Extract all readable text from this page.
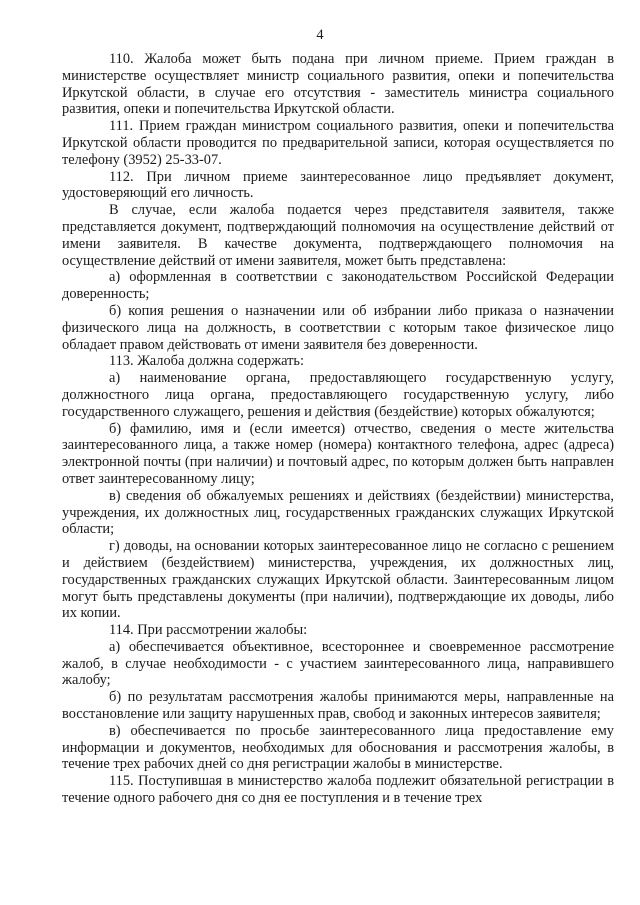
4

110. Жалоба может быть подана при личном приеме. Прием граждан в министерстве осуществляет министр социального развития, опеки и попечительства Иркутской области, в случае его отсутствия - заместитель министра социального развития, опеки и попечительства Иркутской области.

111. Прием граждан министром социального развития, опеки и попечительства Иркутской области проводится по предварительной записи, которая осуществляется по телефону (3952) 25-33-07.

112. При личном приеме заинтересованное лицо предъявляет документ, удостоверяющий его личность.

В случае, если жалоба подается через представителя заявителя, также представляется документ, подтверждающий полномочия на осуществление действий от имени заявителя. В качестве документа, подтверждающего полномочия на осуществление действий от имени заявителя, может быть представлена:

а) оформленная в соответствии с законодательством Российской Федерации доверенность;

б) копия решения о назначении или об избрании либо приказа о назначении физического лица на должность, в соответствии с которым такое физическое лицо обладает правом действовать от имени заявителя без доверенности.

113. Жалоба должна содержать:

а) наименование органа, предоставляющего государственную услугу, должностного лица органа, предоставляющего государственную услугу, либо государственного служащего, решения и действия (бездействие) которых обжалуются;

б) фамилию, имя и (если имеется) отчество, сведения о месте жительства заинтересованного лица, а также номер (номера) контактного телефона, адрес (адреса) электронной почты (при наличии) и почтовый адрес, по которым должен быть направлен ответ заинтересованному лицу;

в) сведения об обжалуемых решениях и действиях (бездействии) министерства, учреждения, их должностных лиц, государственных гражданских служащих Иркутской области;

г) доводы, на основании которых заинтересованное лицо не согласно с решением и действием (бездействием) министерства, учреждения, их должностных лиц, государственных гражданских служащих Иркутской области. Заинтересованным лицом могут быть представлены документы (при наличии), подтверждающие их доводы, либо их копии.

114. При рассмотрении жалобы:

а) обеспечивается объективное, всестороннее и своевременное рассмотрение жалоб, в случае необходимости - с участием заинтересованного лица, направившего жалобу;

б) по результатам рассмотрения жалобы принимаются меры, направленные на восстановление или защиту нарушенных прав, свобод и законных интересов заявителя;

в) обеспечивается по просьбе заинтересованного лица предоставление ему информации и документов, необходимых для обоснования и рассмотрения жалобы, в течение трех рабочих дней со дня регистрации жалобы в министерстве.

115. Поступившая в министерство жалоба подлежит обязательной регистрации в течение одного рабочего дня со дня ее поступления и в течение трех
